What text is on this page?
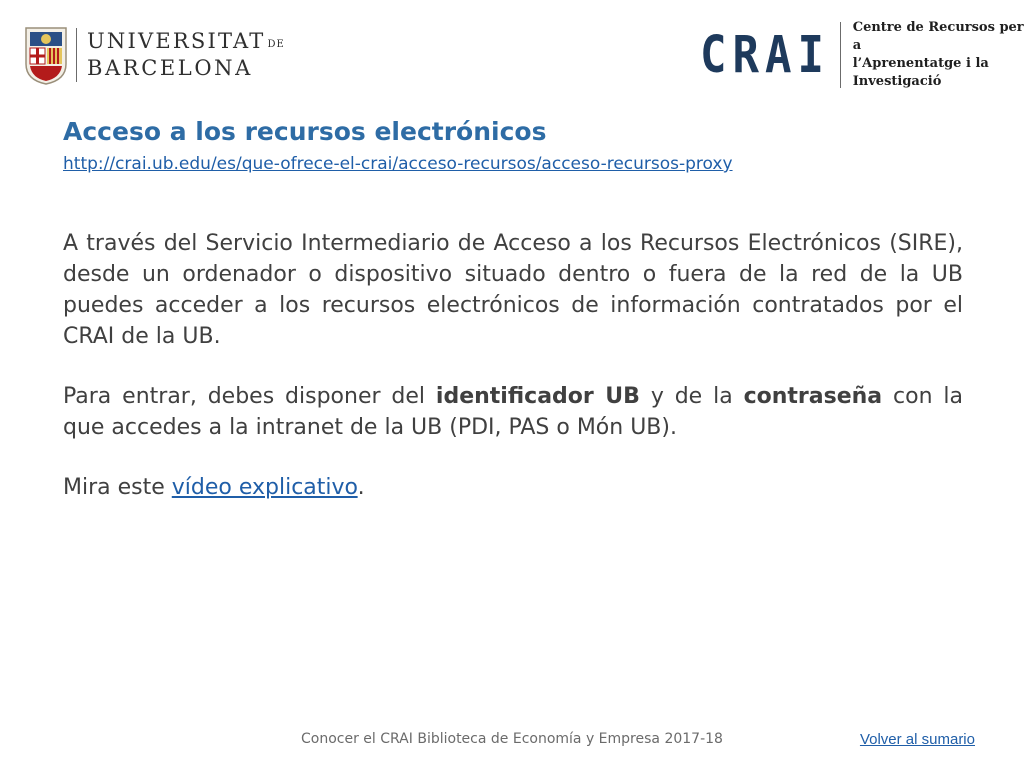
UNIVERSITAT DE
BARCELONA	CRAI Centre de Recursos per a
l’Aprenentatge i la Investigació
Acceso a los recursos electrónicos
http://crai.ub.edu/es/que-ofrece-el-crai/acceso-recursos/acceso-recursos-proxy

A través del Servicio Intermediario de Acceso a los Recursos Electrónicos (SIRE), desde un ordenador o dispositivo situado dentro o fuera de la red de la UB puedes acceder a los recursos electrónicos de información contratados por el CRAI de la UB.

Para entrar, debes disponer del identificador UB y de la contraseña con la que accedes a la intranet de la UB (PDI, PAS o Món UB).

Mira este vídeo explicativo.

Conocer el CRAI Biblioteca de Economía y Empresa 2017-18	Volver al sumario
